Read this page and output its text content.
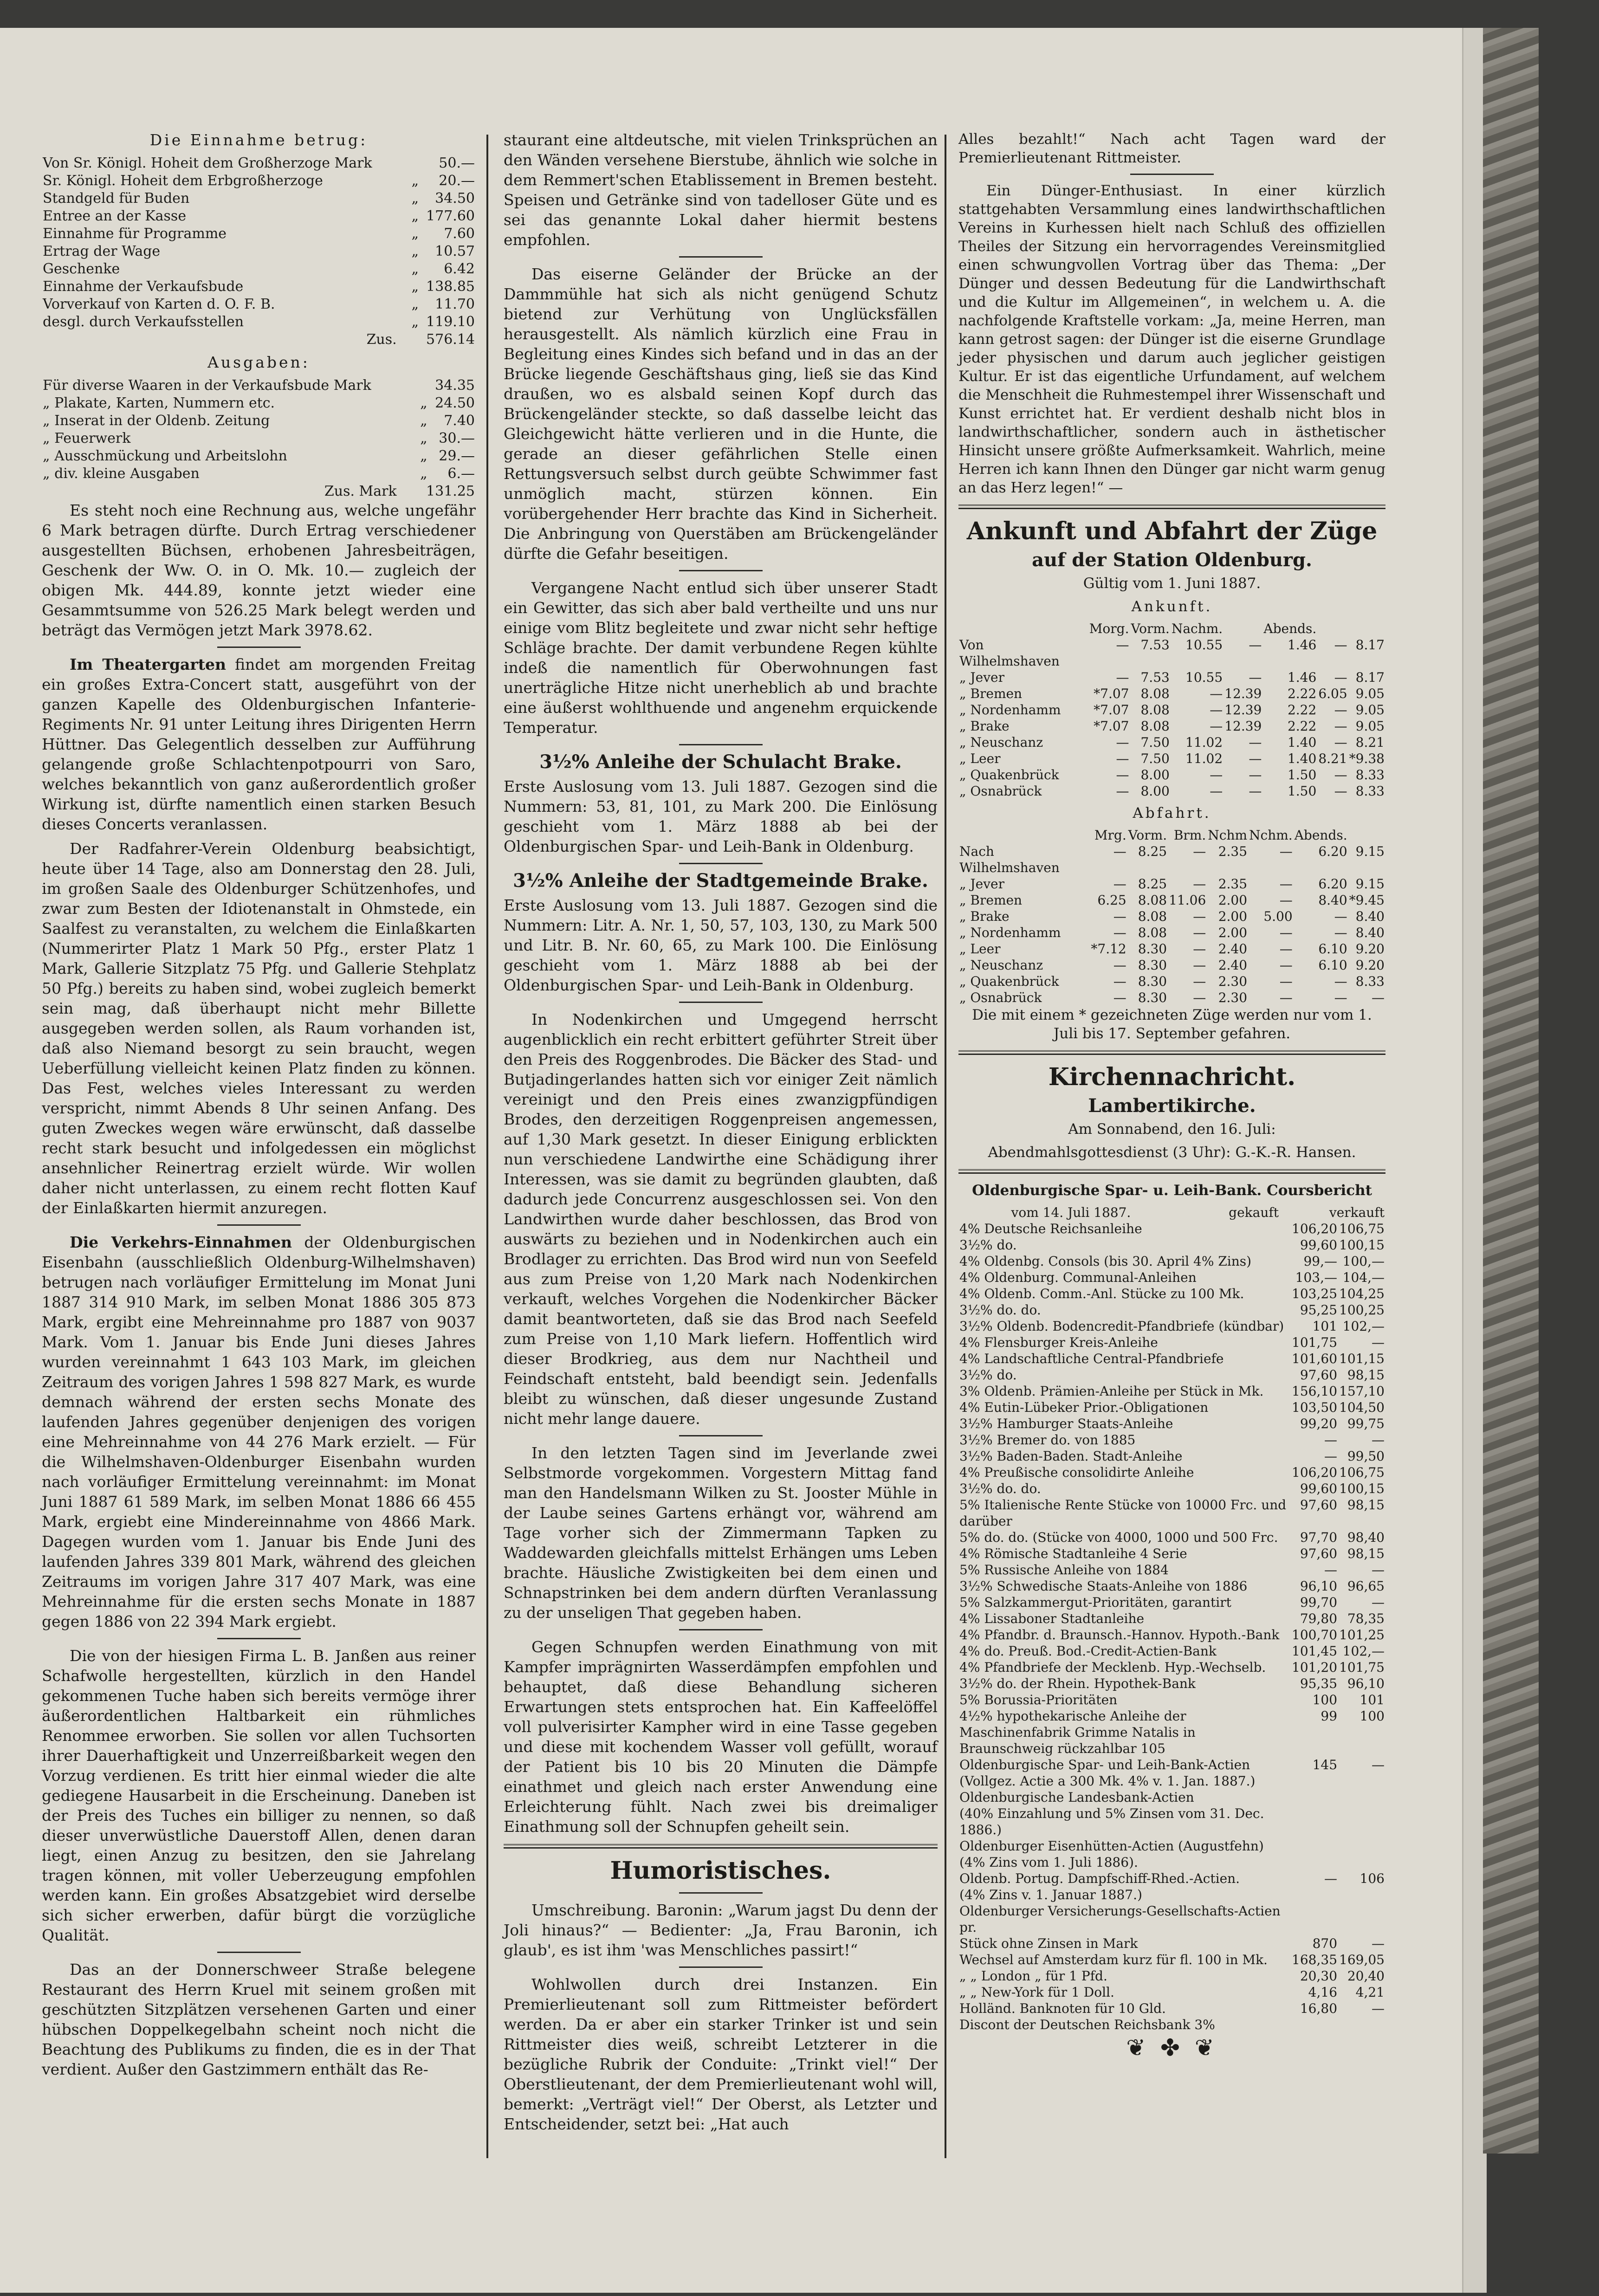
Die Einnahme betrug:

Von Sr. Königl. Hoheit dem Großherzoge Mark		50.—
Sr. Königl. Hoheit dem Erbgroßherzoge	„	20.—
Standgeld für Buden	„	34.50
Entree an der Kasse	„	177.60
Einnahme für Programme	„	7.60
Ertrag der Wage	„	10.57
Geschenke	„	6.42
Einnahme der Verkaufsbude	„	138.85
Vorverkauf von Karten d. O. F. B.	„	11.70
desgl. durch Verkaufsstellen	„	119.10
Zus.	576.14

Ausgaben:

Für diverse Waaren in der Verkaufsbude Mark		34.35
„ Plakate, Karten, Nummern etc.	„	24.50
„ Inserat in der Oldenb. Zeitung	„	7.40
„ Feuerwerk	„	30.—
„ Ausschmückung und Arbeitslohn	„	29.—
„ div. kleine Ausgaben	„	6.—
Zus. Mark	131.25

Es steht noch eine Rechnung aus, welche ungefähr 6 Mark betragen dürfte. Durch Ertrag verschiedener ausgestellten Büchsen, erhobenen Jahresbeiträgen, Geschenk der Ww. O. in O. Mk. 10.— zugleich der obigen Mk. 444.89, konnte jetzt wieder eine Gesammtsumme von 526.25 Mark belegt werden und beträgt das Vermögen jetzt Mark 3978.62.

Im Theatergarten findet am morgenden Freitag ein großes Extra-Concert statt, ausgeführt von der ganzen Kapelle des Oldenburgischen Infanterie-Regiments Nr. 91 unter Leitung ihres Dirigenten Herrn Hüttner. Das Gelegentlich desselben zur Aufführung gelangende große Schlachtenpotpourri von Saro, welches bekanntlich von ganz außerordentlich großer Wirkung ist, dürfte namentlich einen starken Besuch dieses Concerts veranlassen.

Der Radfahrer-Verein Oldenburg beabsichtigt, heute über 14 Tage, also am Donnerstag den 28. Juli, im großen Saale des Oldenburger Schützenhofes, und zwar zum Besten der Idiotenanstalt in Ohmstede, ein Saalfest zu veranstalten, zu welchem die Einlaßkarten (Nummerirter Platz 1 Mark 50 Pfg., erster Platz 1 Mark, Gallerie Sitzplatz 75 Pfg. und Gallerie Stehplatz 50 Pfg.) bereits zu haben sind, wobei zugleich bemerkt sein mag, daß überhaupt nicht mehr Billette ausgegeben werden sollen, als Raum vorhanden ist, daß also Niemand besorgt zu sein braucht, wegen Ueberfüllung vielleicht keinen Platz finden zu können. Das Fest, welches vieles Interessant zu werden verspricht, nimmt Abends 8 Uhr seinen Anfang. Des guten Zweckes wegen wäre erwünscht, daß dasselbe recht stark besucht und infolgedessen ein möglichst ansehnlicher Reinertrag erzielt würde. Wir wollen daher nicht unterlassen, zu einem recht flotten Kauf der Einlaßkarten hiermit anzuregen.

Die Verkehrs-Einnahmen der Oldenburgischen Eisenbahn (ausschließlich Oldenburg-Wilhelmshaven) betrugen nach vorläufiger Ermittelung im Monat Juni 1887 314 910 Mark, im selben Monat 1886 305 873 Mark, ergibt eine Mehreinnahme pro 1887 von 9037 Mark. Vom 1. Januar bis Ende Juni dieses Jahres wurden vereinnahmt 1 643 103 Mark, im gleichen Zeitraum des vorigen Jahres 1 598 827 Mark, es wurde demnach während der ersten sechs Monate des laufenden Jahres gegenüber denjenigen des vorigen eine Mehreinnahme von 44 276 Mark erzielt. — Für die Wilhelmshaven-Oldenburger Eisenbahn wurden nach vorläufiger Ermittelung vereinnahmt: im Monat Juni 1887 61 589 Mark, im selben Monat 1886 66 455 Mark, ergiebt eine Mindereinnahme von 4866 Mark. Dagegen wurden vom 1. Januar bis Ende Juni des laufenden Jahres 339 801 Mark, während des gleichen Zeitraums im vorigen Jahre 317 407 Mark, was eine Mehreinnahme für die ersten sechs Monate in 1887 gegen 1886 von 22 394 Mark ergiebt.

Die von der hiesigen Firma L. B. Janßen aus reiner Schafwolle hergestellten, kürzlich in den Handel gekommenen Tuche haben sich bereits vermöge ihrer äußerordentlichen Haltbarkeit ein rühmliches Renommee erworben. Sie sollen vor allen Tuchsorten ihrer Dauerhaftigkeit und Unzerreißbarkeit wegen den Vorzug verdienen. Es tritt hier einmal wieder die alte gediegene Hausarbeit in die Erscheinung. Daneben ist der Preis des Tuches ein billiger zu nennen, so daß dieser unverwüstliche Dauerstoff Allen, denen daran liegt, einen Anzug zu besitzen, den sie Jahrelang tragen können, mit voller Ueberzeugung empfohlen werden kann. Ein großes Absatzgebiet wird derselbe sich sicher erwerben, dafür bürgt die vorzügliche Qualität.

Das an der Donnerschweer Straße belegene Restaurant des Herrn Kruel mit seinem großen mit geschützten Sitzplätzen versehenen Garten und einer hübschen Doppelkegelbahn scheint noch nicht die Beachtung des Publikums zu finden, die es in der That verdient. Außer den Gastzimmern enthält das Re-

staurant eine altdeutsche, mit vielen Trinksprüchen an den Wänden versehene Bierstube, ähnlich wie solche in dem Remmert'schen Etablissement in Bremen besteht. Speisen und Getränke sind von tadelloser Güte und es sei das genannte Lokal daher hiermit bestens empfohlen.

Das eiserne Geländer der Brücke an der Dammmühle hat sich als nicht genügend Schutz bietend zur Verhütung von Unglücksfällen herausgestellt. Als nämlich kürzlich eine Frau in Begleitung eines Kindes sich befand und in das an der Brücke liegende Geschäftshaus ging, ließ sie das Kind draußen, wo es alsbald seinen Kopf durch das Brückengeländer steckte, so daß dasselbe leicht das Gleichgewicht hätte verlieren und in die Hunte, die gerade an dieser gefährlichen Stelle einen Rettungsversuch selbst durch geübte Schwimmer fast unmöglich macht, stürzen können. Ein vorübergehender Herr brachte das Kind in Sicherheit. Die Anbringung von Querstäben am Brückengeländer dürfte die Gefahr beseitigen.

Vergangene Nacht entlud sich über unserer Stadt ein Gewitter, das sich aber bald vertheilte und uns nur einige vom Blitz begleitete und zwar nicht sehr heftige Schläge brachte. Der damit verbundene Regen kühlte indeß die namentlich für Oberwohnungen fast unerträgliche Hitze nicht unerheblich ab und brachte eine äußerst wohlthuende und angenehm erquickende Temperatur.

3½% Anleihe der Schulacht Brake.

Erste Auslosung vom 13. Juli 1887. Gezogen sind die Nummern: 53, 81, 101, zu Mark 200. Die Einlösung geschieht vom 1. März 1888 ab bei der Oldenburgischen Spar- und Leih-Bank in Oldenburg.

3½% Anleihe der Stadtgemeinde Brake.

Erste Auslosung vom 13. Juli 1887. Gezogen sind die Nummern: Litr. A. Nr. 1, 50, 57, 103, 130, zu Mark 500 und Litr. B. Nr. 60, 65, zu Mark 100. Die Einlösung geschieht vom 1. März 1888 ab bei der Oldenburgischen Spar- und Leih-Bank in Oldenburg.

In Nodenkirchen und Umgegend herrscht augenblicklich ein recht erbittert geführter Streit über den Preis des Roggenbrodes. Die Bäcker des Stad- und Butjadingerlandes hatten sich vor einiger Zeit nämlich vereinigt und den Preis eines zwanzigpfündigen Brodes, den derzeitigen Roggenpreisen angemessen, auf 1,30 Mark gesetzt. In dieser Einigung erblickten nun verschiedene Landwirthe eine Schädigung ihrer Interessen, was sie damit zu begründen glaubten, daß dadurch jede Concurrenz ausgeschlossen sei. Von den Landwirthen wurde daher beschlossen, das Brod von auswärts zu beziehen und in Nodenkirchen auch ein Brodlager zu errichten. Das Brod wird nun von Seefeld aus zum Preise von 1,20 Mark nach Nodenkirchen verkauft, welches Vorgehen die Nodenkircher Bäcker damit beantworteten, daß sie das Brod nach Seefeld zum Preise von 1,10 Mark liefern. Hoffentlich wird dieser Brodkrieg, aus dem nur Nachtheil und Feindschaft entsteht, bald beendigt sein. Jedenfalls bleibt zu wünschen, daß dieser ungesunde Zustand nicht mehr lange dauere.

In den letzten Tagen sind im Jeverlande zwei Selbstmorde vorgekommen. Vorgestern Mittag fand man den Handelsmann Wilken zu St. Jooster Mühle in der Laube seines Gartens erhängt vor, während am Tage vorher sich der Zimmermann Tapken zu Waddewarden gleichfalls mittelst Erhängen ums Leben brachte. Häusliche Zwistigkeiten bei dem einen und Schnapstrinken bei dem andern dürften Veranlassung zu der unseligen That gegeben haben.

Gegen Schnupfen werden Einathmung von mit Kampfer imprägnirten Wasserdämpfen empfohlen und behauptet, daß diese Behandlung sicheren Erwartungen stets entsprochen hat. Ein Kaffeelöffel voll pulverisirter Kampher wird in eine Tasse gegeben und diese mit kochendem Wasser voll gefüllt, worauf der Patient bis 10 bis 20 Minuten die Dämpfe einathmet und gleich nach erster Anwendung eine Erleichterung fühlt. Nach zwei bis dreimaliger Einathmung soll der Schnupfen geheilt sein.

Humoristisches.

Umschreibung. Baronin: „Warum jagst Du denn der Joli hinaus?“ — Bedienter: „Ja, Frau Baronin, ich glaub', es ist ihm 'was Menschliches passirt!“

Wohlwollen durch drei Instanzen. Ein Premierlieutenant soll zum Rittmeister befördert werden. Da er aber ein starker Trinker ist und sein Rittmeister dies weiß, schreibt Letzterer in die bezügliche Rubrik der Conduite: „Trinkt viel!“ Der Oberstlieutenant, der dem Premierlieutenant wohl will, bemerkt: „Verträgt viel!“ Der Oberst, als Letzter und Entscheidender, setzt bei: „Hat auch

Alles bezahlt!“ Nach acht Tagen ward der Premierlieutenant Rittmeister.

Ein Dünger-Enthusiast. In einer kürzlich stattgehabten Versammlung eines landwirthschaftlichen Vereins in Kurhessen hielt nach Schluß des offiziellen Theiles der Sitzung ein hervorragendes Vereinsmitglied einen schwungvollen Vortrag über das Thema: „Der Dünger und dessen Bedeutung für die Landwirthschaft und die Kultur im Allgemeinen“, in welchem u. A. die nachfolgende Kraftstelle vorkam: „Ja, meine Herren, man kann getrost sagen: der Dünger ist die eiserne Grundlage jeder physischen und darum auch jeglicher geistigen Kultur. Er ist das eigentliche Urfundament, auf welchem die Menschheit die Ruhmestempel ihrer Wissenschaft und Kunst errichtet hat. Er verdient deshalb nicht blos in landwirthschaftlicher, sondern auch in ästhetischer Hinsicht unsere größte Aufmerksamkeit. Wahrlich, meine Herren ich kann Ihnen den Dünger gar nicht warm genug an das Herz legen!“ —

Ankunft und Abfahrt der Züge

auf der Station Oldenburg.

Gültig vom 1. Juni 1887.

Ankunft.

	Morg.	Vorm.	Nachm.		Abends.		
Von Wilhelmshaven	—	7.53	10.55	—	1.46	—	8.17
„ Jever	—	7.53	10.55	—	1.46	—	8.17
„ Bremen	*7.07	8.08	—	12.39	2.22	6.05	9.05
„ Nordenhamm	*7.07	8.08	—	12.39	2.22	—	9.05
„ Brake	*7.07	8.08	—	12.39	2.22	—	9.05
„ Neuschanz	—	7.50	11.02	—	1.40	—	8.21
„ Leer	—	7.50	11.02	—	1.40	8.21	*9.38
„ Quakenbrück	—	8.00	—	—	1.50	—	8.33
„ Osnabrück	—	8.00	—	—	1.50	—	8.33

Abfahrt.

	Mrg.	Vorm.	Brm.	Nchm	Nchm.	Abends.	
Nach Wilhelmshaven	—	8.25	—	2.35	—	6.20	9.15
„ Jever	—	8.25	—	2.35	—	6.20	9.15
„ Bremen	6.25	8.08	11.06	2.00	—	8.40	*9.45
„ Brake	—	8.08	—	2.00	5.00	—	8.40
„ Nordenhamm	—	8.08	—	2.00	—	—	8.40
„ Leer	*7.12	8.30	—	2.40	—	6.10	9.20
„ Neuschanz	—	8.30	—	2.40	—	6.10	9.20
„ Quakenbrück	—	8.30	—	2.30	—	—	8.33
„ Osnabrück	—	8.30	—	2.30	—	—	—

Die mit einem * gezeichneten Züge werden nur vom 1. Juli bis 17. September gefahren.

Kirchennachricht.

Lambertikirche.

Am Sonnabend, den 16. Juli:

Abendmahlsgottesdienst (3 Uhr): G.-K.-R. Hansen.

Oldenburgische Spar- u. Leih-Bank. Coursbericht

vom 14. Juli 1887.	gekauft	verkauft
4% Deutsche Reichsanleihe	106,20	106,75
3½% do.	99,60	100,15
4% Oldenbg. Consols (bis 30. April 4% Zins)	99,—	100,—
4% Oldenburg. Communal-Anleihen	103,—	104,—
4% Oldenb. Comm.-Anl. Stücke zu 100 Mk.	103,25	104,25
3½% do. do.	95,25	100,25
3½% Oldenb. Bodencredit-Pfandbriefe (kündbar)	101	102,—
4% Flensburger Kreis-Anleihe	101,75	—
4% Landschaftliche Central-Pfandbriefe	101,60	101,15
3½% do.	97,60	98,15
3% Oldenb. Prämien-Anleihe per Stück in Mk.	156,10	157,10
4% Eutin-Lübeker Prior.-Obligationen	103,50	104,50
3½% Hamburger Staats-Anleihe	99,20	99,75
3½% Bremer do. von 1885	—	—
3½% Baden-Baden. Stadt-Anleihe	—	99,50
4% Preußische consolidirte Anleihe	106,20	106,75
3½% do. do.	99,60	100,15
5% Italienische Rente Stücke von 10000 Frc. und darüber	97,60	98,15
5% do. do. (Stücke von 4000, 1000 und 500 Frc.	97,70	98,40
4% Römische Stadtanleihe 4 Serie	97,60	98,15
5% Russische Anleihe von 1884	—	—
3½% Schwedische Staats-Anleihe von 1886	96,10	96,65
5% Salzkammergut-Prioritäten, garantirt	99,70	—
4% Lissaboner Stadtanleihe	79,80	78,35
4% Pfandbr. d. Braunsch.-Hannov. Hypoth.-Bank	100,70	101,25
4% do. Preuß. Bod.-Credit-Actien-Bank	101,45	102,—
4% Pfandbriefe der Mecklenb. Hyp.-Wechselb.	101,20	101,75
3½% do. der Rhein. Hypothek-Bank	95,35	96,10
5% Borussia-Prioritäten	100	101
4½% hypothekarische Anleihe der Maschinenfabrik Grimme Natalis in Braunschweig rückzahlbar 105	99	100
Oldenburgische Spar- und Leih-Bank-Actien	145	—
(Vollgez. Actie a 300 Mk. 4% v. 1. Jan. 1887.)		
Oldenburgische Landesbank-Actien		
(40% Einzahlung und 5% Zinsen vom 31. Dec. 1886.)		
Oldenburger Eisenhütten-Actien (Augustfehn)		
(4% Zins vom 1. Juli 1886).		
Oldenb. Portug. Dampfschiff-Rhed.-Actien.	—	106
(4% Zins v. 1. Januar 1887.)		
Oldenburger Versicherungs-Gesellschafts-Actien pr.		
Stück ohne Zinsen in Mark	870	—
Wechsel auf Amsterdam kurz für fl. 100 in Mk.	168,35	169,05
„ „ London „ für 1 Pfd.	20,30	20,40
„ „ New-York für 1 Doll.	4,16	4,21
Holländ. Banknoten für 10 Gld.	16,80	—
Discont der Deutschen Reichsbank 3%		
❦ ✤ ❦
